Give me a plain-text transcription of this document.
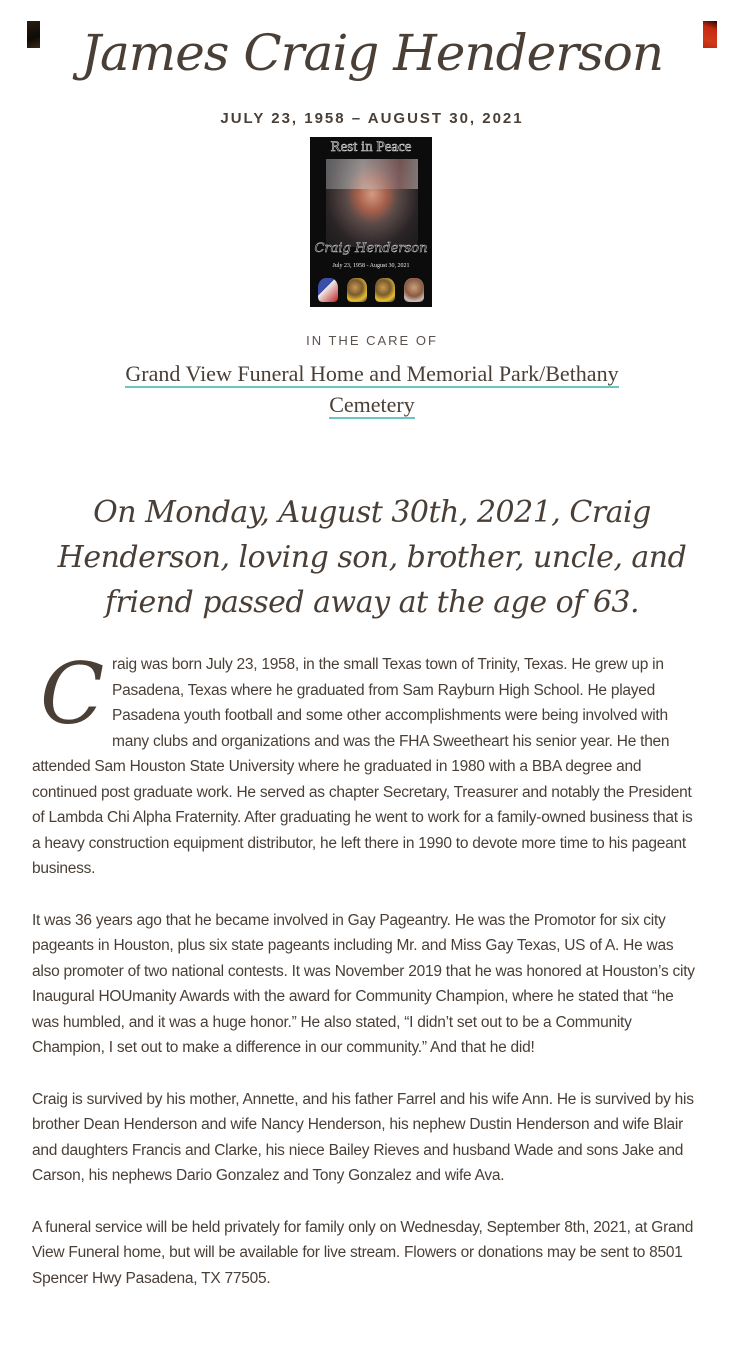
James Craig Henderson
JULY 23, 1958 – AUGUST 30, 2021
Rest in Peace
Craig Henderson
July 23, 1958 - August 30, 2021
IN THE CARE OF
Grand View Funeral Home and Memorial Park/Bethany Cemetery
On Monday, August 30th, 2021, Craig Henderson, loving son, brother, uncle, and friend passed away at the age of 63.

Craig was born July 23, 1958, in the small Texas town of Trinity, Texas. He grew up in Pasadena, Texas where he graduated from Sam Rayburn High School. He played Pasadena youth football and some other accomplishments were being involved with many clubs and organizations and was the FHA Sweetheart his senior year. He then attended Sam Houston State University where he graduated in 1980 with a BBA degree and continued post graduate work. He served as chapter Secretary, Treasurer and notably the President of Lambda Chi Alpha Fraternity. After graduating he went to work for a family-owned business that is a heavy construction equipment distributor, he left there in 1990 to devote more time to his pageant business.

It was 36 years ago that he became involved in Gay Pageantry. He was the Promotor for six city pageants in Houston, plus six state pageants including Mr. and Miss Gay Texas, US of A. He was also promoter of two national contests. It was November 2019 that he was honored at Houston’s city Inaugural HOUmanity Awards with the award for Community Champion, where he stated that “he was humbled, and it was a huge honor.” He also stated, “I didn’t set out to be a Community Champion, I set out to make a difference in our community.” And that he did!

Craig is survived by his mother, Annette, and his father Farrel and his wife Ann. He is survived by his brother Dean Henderson and wife Nancy Henderson, his nephew Dustin Henderson and wife Blair and daughters Francis and Clarke, his niece Bailey Rieves and husband Wade and sons Jake and Carson, his nephews Dario Gonzalez and Tony Gonzalez and wife Ava.

A funeral service will be held privately for family only on Wednesday, September 8th, 2021, at Grand View Funeral home, but will be available for live stream. Flowers or donations may be sent to 8501 Spencer Hwy Pasadena, TX 77505.
